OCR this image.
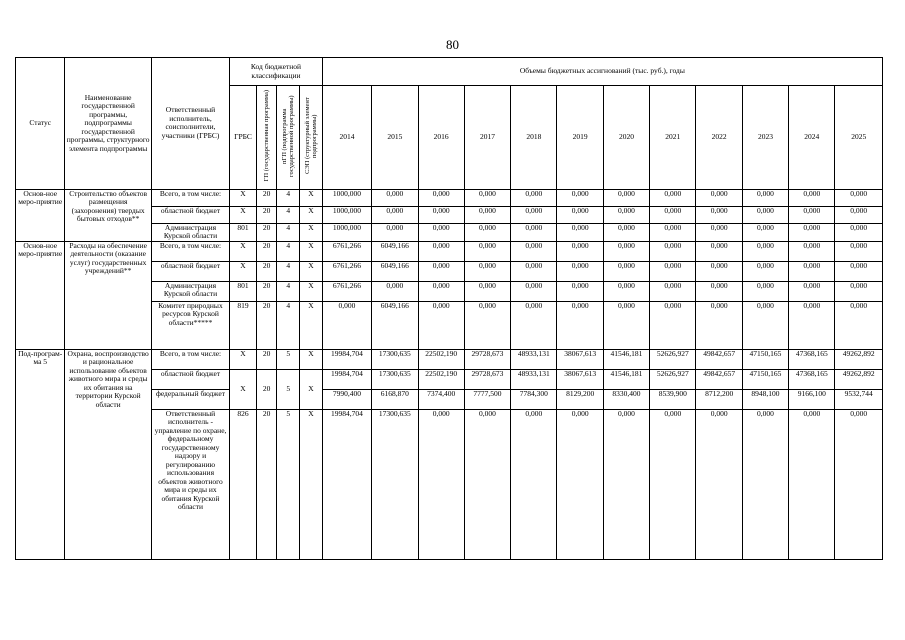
80
Статус	Наименование государственной программы, подпрограммы государственной программы, структурного элемента подпрограммы	Ответственный исполнитель, соисполнители, участники (ГРБС)	Код бюджетной классификации				Объемы бюджетных ассигнований (тыс. руб.), годы											
			ГРБС	ГП (государственная программа)	пГП (подпрограмма государственной программы)	СЭП (структурный элемент подпрограммы)	2014	2015	2016	2017	2018	2019	2020	2021	2022	2023	2024	2025
Основ-ное меро-приятие	Строительство объектов размещения (захоронения) твердых бытовых отходов**	Всего, в том числе:	X	20	4	X	1000,000	0,000	0,000	0,000	0,000	0,000	0,000	0,000	0,000	0,000	0,000	0,000
		областной бюджет	X	20	4	X	1000,000	0,000	0,000	0,000	0,000	0,000	0,000	0,000	0,000	0,000	0,000	0,000
		Администрация Курской области	801	20	4	X	1000,000	0,000	0,000	0,000	0,000	0,000	0,000	0,000	0,000	0,000	0,000	0,000
Основ-ное меро-приятие	Расходы на обеспечение деятельности (оказание услуг) государственных учреждений**	Всего, в том числе:	X	20	4	X	6761,266	6049,166	0,000	0,000	0,000	0,000	0,000	0,000	0,000	0,000	0,000	0,000
		областной бюджет	X	20	4	X	6761,266	6049,166	0,000	0,000	0,000	0,000	0,000	0,000	0,000	0,000	0,000	0,000
		Администрация Курской области	801	20	4	X	6761,266	0,000	0,000	0,000	0,000	0,000	0,000	0,000	0,000	0,000	0,000	0,000
		Комитет природных ресурсов Курской области*****	819	20	4	X	0,000	6049,166	0,000	0,000	0,000	0,000	0,000	0,000	0,000	0,000	0,000	0,000
Под-програм-ма 5	Охрана, воспроизводство и рациональное использование объектов животного мира и среды их обитания на территории Курской области	Всего, в том числе:	X	20	5	X	19984,704	17300,635	22502,190	29728,673	48933,131	38067,613	41546,181	52626,927	49842,657	47150,165	47368,165	49262,892
		областной бюджет	X	20	5	X	19984,704	17300,635	22502,190	29728,673	48933,131	38067,613	41546,181	52626,927	49842,657	47150,165	47368,165	49262,892
		федеральный бюджет					7990,400	6168,870	7374,400	7777,500	7784,300	8129,200	8330,400	8539,900	8712,200	8948,100	9166,100	9532,744
		Ответственный исполнитель - управление по охране, федеральному государственному надзору и регулированию использования объектов животного мира и среды их обитания Курской области	826	20	5	X	19984,704	17300,635	0,000	0,000	0,000	0,000	0,000	0,000	0,000	0,000	0,000	0,000
